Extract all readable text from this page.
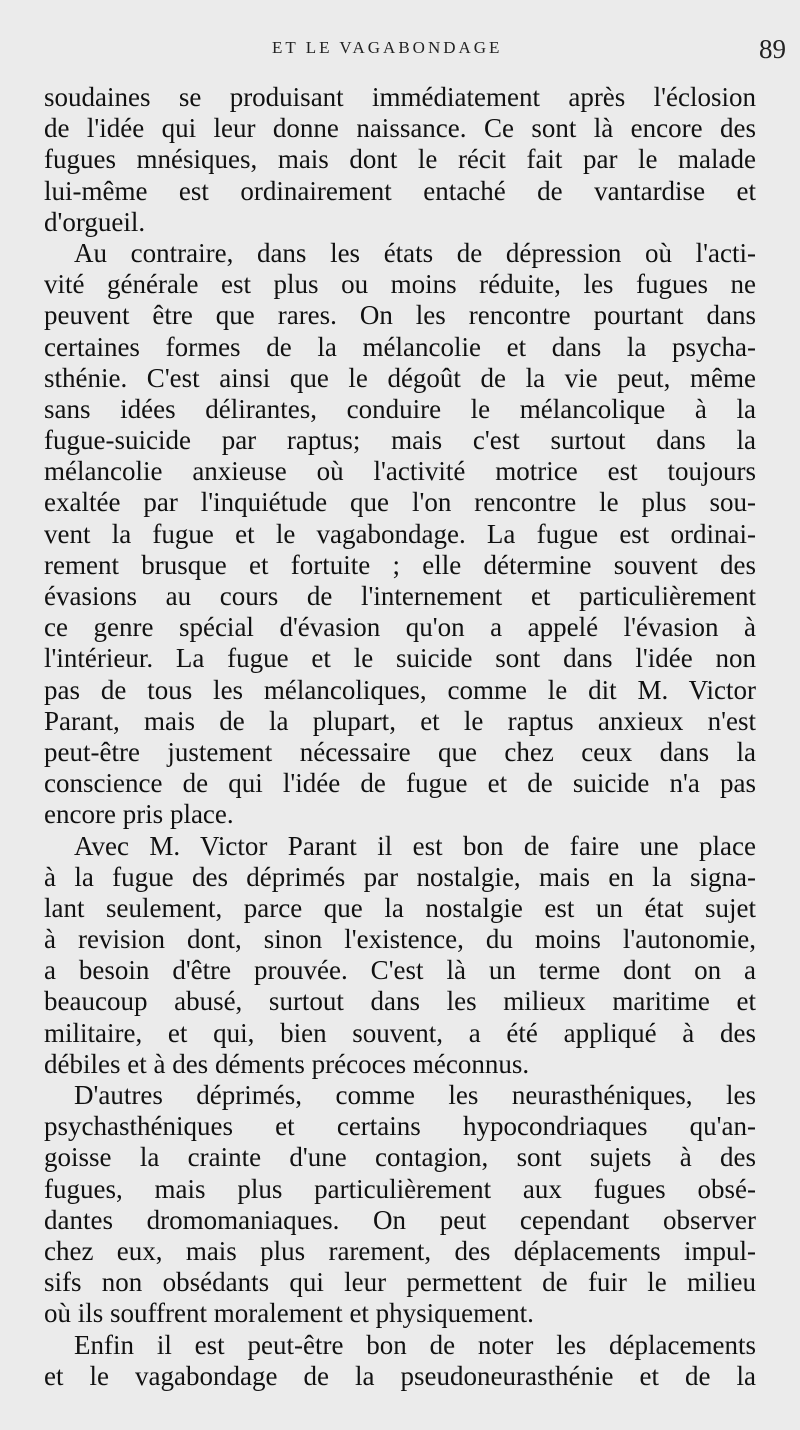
ET LE VAGABONDAGE	89
soudaines se produisant immédiatement après l'éclosion
de l'idée qui leur donne naissance. Ce sont là encore des
fugues mnésiques, mais dont le récit fait par le malade
lui-même est ordinairement entaché de vantardise et
d'orgueil.
Au contraire, dans les états de dépression où l'acti-
vité générale est plus ou moins réduite, les fugues ne
peuvent être que rares. On les rencontre pourtant dans
certaines formes de la mélancolie et dans la psycha-
sthénie. C'est ainsi que le dégoût de la vie peut, même
sans idées délirantes, conduire le mélancolique à la
fugue-suicide par raptus; mais c'est surtout dans la
mélancolie anxieuse où l'activité motrice est toujours
exaltée par l'inquiétude que l'on rencontre le plus sou-
vent la fugue et le vagabondage. La fugue est ordinai-
rement brusque et fortuite ; elle détermine souvent des
évasions au cours de l'internement et particulièrement
ce genre spécial d'évasion qu'on a appelé l'évasion à
l'intérieur. La fugue et le suicide sont dans l'idée non
pas de tous les mélancoliques, comme le dit M. Victor
Parant, mais de la plupart, et le raptus anxieux n'est
peut-être justement nécessaire que chez ceux dans la
conscience de qui l'idée de fugue et de suicide n'a pas
encore pris place.
Avec M. Victor Parant il est bon de faire une place
à la fugue des déprimés par nostalgie, mais en la signa-
lant seulement, parce que la nostalgie est un état sujet
à revision dont, sinon l'existence, du moins l'autonomie,
a besoin d'être prouvée. C'est là un terme dont on a
beaucoup abusé, surtout dans les milieux maritime et
militaire, et qui, bien souvent, a été appliqué à des
débiles et à des déments précoces méconnus.
D'autres déprimés, comme les neurasthéniques, les
psychasthéniques et certains hypocondriaques qu'an-
goisse la crainte d'une contagion, sont sujets à des
fugues, mais plus particulièrement aux fugues obsé-
dantes dromomaniaques. On peut cependant observer
chez eux, mais plus rarement, des déplacements impul-
sifs non obsédants qui leur permettent de fuir le milieu
où ils souffrent moralement et physiquement.
Enfin il est peut-être bon de noter les déplacements
et le vagabondage de la pseudoneurasthénie et de la
